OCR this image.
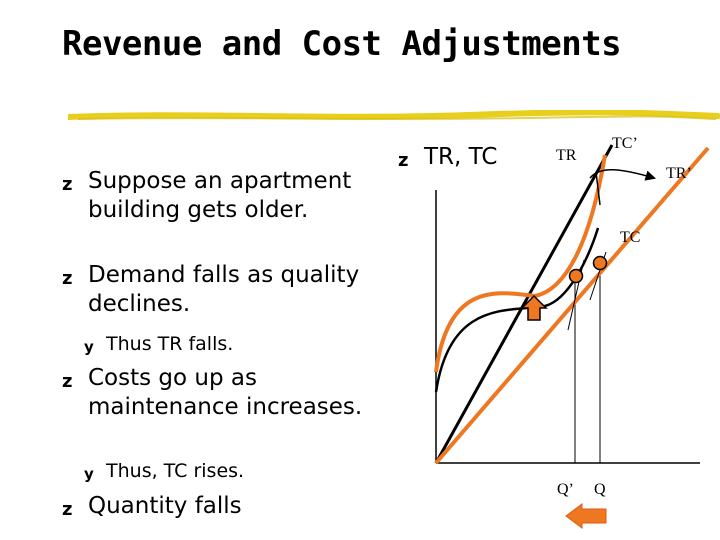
Revenue and Cost Adjustments
z Suppose an apartment building gets older.
z Demand falls as quality declines.
y Thus TR falls.
z Costs go up as maintenance increases.
y Thus, TC rises.
z Quantity falls
z TR, TC	TR
TC’
TR’
TC
Q’ Q
